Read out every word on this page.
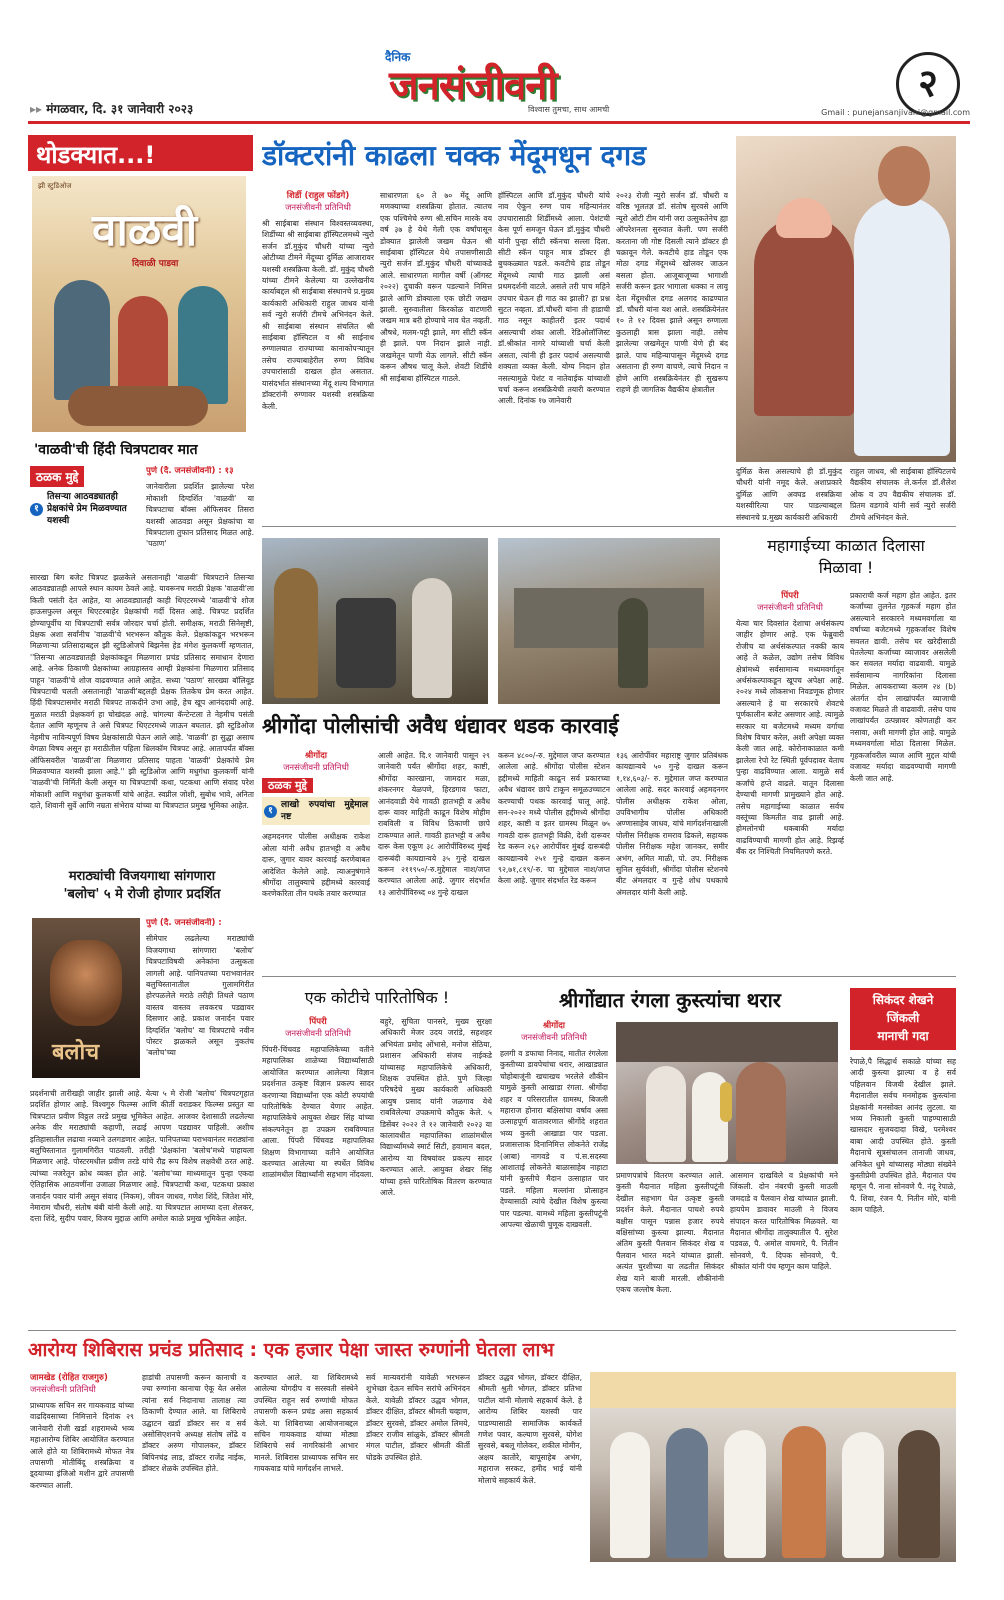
▸▸ मंगळवार, दि. ३१ जानेवारी २०२३
दैनिक
जनसंजीवनी
विश्‍वास तुमचा, साथ आमची
२
Gmail : punejansanjivani@gmail.com
थोडक्यात...!
झी स्टुडिओज
वाळवी
दिवाळी पाडवा
'वाळवी'ची हिंदी चित्रपटावर मात
ठळक मुद्दे
१
तिसऱ्या आठवड्यातही प्रेक्षकांचे प्रेम मिळवण्यात यशस्वी
पुणे (दै. जनसंजीवनी) : १३
जानेवारीला प्रदर्शित झालेल्या परेश मोकाशी दिग्दर्शित 'वाळवी' या चित्रपटाचा बॉक्स ऑफिसवर तिसरा यशस्वी आठवडा असून प्रेक्षकांचा या चित्रपटाला तुफान प्रतिसाद मिळत आहे. 'पठाण'
सारखा बिग बजेट चित्रपट झळकेले असतानाही 'वाळवी' चित्रपटाने तिसऱ्या आठवड्यातही आपले स्थान कायम ठेवले आहे. यावरूनच मराठी प्रेक्षक 'वाळवी'ला किती पसंती देत आहेत, या आठवड्यातही काही थिएटरमध्ये 'वाळवी'चे शोज हाऊसफुल्ल असून थिएटरबाहेर प्रेक्षकांची गर्दी दिसत आहे. चित्रपट प्रदर्शित होण्यापूर्वीच या चित्रपटाची सर्वत्र जोरदार चर्चा होती. समीक्षक, मराठी सिनेसृष्टी, प्रेक्षक अशा सर्वांनीच 'वाळवी'चे भरभरून कौतुक केले. प्रेक्षकांकडून भरभरून मिळणाऱ्या प्रतिसादाबद्दल झी स्टुडिओजचे बिझनेस हेड मंगेश कुलकर्णी म्हणतात, ''तिसऱ्या आठवड्यातही प्रेक्षकांकडून मिळणारा प्रचंड प्रतिसाद समाधान देणारा आहे. अनेक ठिकाणी प्रेक्षकांच्या आग्रहास्तव आम्ही प्रेक्षकांना मिळणारा प्रतिसाद पाहून 'वाळवी'चे शोज वाढवण्यात आले आहेत. सध्या 'पठाण' सारख्या बॉलिवूड चित्रपटाची चलती असतानाही 'वाळवी'बद्दलही प्रेक्षक तितकेच प्रेम करत आहेत. हिंदी चित्रपटासमोर मराठी चित्रपट ताकदीने उभा आहे, हेच खूप आनंददायी आहे. मुळात मराठी प्रेक्षकवर्ग हा चोखंदळ आहे. चांगल्या कॅन्टेन्टला ते नेहमीच पसंती देतात आणि म्हणूनच ते असे चित्रपट थिएटरमध्ये जाऊन बघतात. झी स्टुडिओज नेहमीच नाविन्यपूर्ण विषय प्रेक्षकांसाठी घेऊन आले आहे. 'वाळवी' हा सुद्धा असाच वेगळा विषय असून हा मराठीतील पहिला थ्रिलकॉम चित्रपट आहे. आतापर्यंत बॉक्स ऑफिसवरील 'वाळवी'ला मिळणारा प्रतिसाद पाहता 'वाळवी' प्रेक्षकांचे प्रेम मिळवण्यात यशस्वी झाला आहे.'' झी स्टुडिओज आणि मधुगंधा कुलकर्णी यांनी 'वाळवी'ची निर्मिती केली असून या चित्रपटाची कथा, पटकथा आणि संवाद परेश मोकाशी आणि मधुगंधा कुलकर्णी यांचे आहेत. स्वप्नील जोशी, सुबोध भावे, अनिता दाते, शिवानी सुर्वे आणि नम्रता संभेराव यांच्या या चित्रपटात प्रमुख भूमिका आहेत.
मराठ्यांची विजयगाथा सांगणारा
'बलोच' ५ मे रोजी होणार प्रदर्शित
बलोच
पुणे (दै. जनसंजीवनी) :
सीमेपार लढलेल्या मराठ्यांची विजयगाथा सांगणारा 'बलोच' चित्रपटाविषयी अनेकांना उत्सुकता लागली आहे. पानिपतच्या पराभवानंतर बलुचिस्तानातील गुलामगिरीत होरपळलेले मराठे तरीही तिथले पठाण वास्तव वास्तव लवकरच पडद्यावर दिसणार आहे. प्रकाश जनार्दन पवार दिग्दर्शित 'बलोच' या चित्रपटाचे नवीन पोस्टर झळकले असून नुकतंच 'बलोच'च्या
प्रदर्शनाची तारीखही जाहीर झाली आहे. येत्या ५ मे रोजी 'बलोच' चित्रपटगृहात प्रदर्शित होणार आहे. विश्वगुरु फिल्म्स आणि कीर्ती वराडकर फिल्म्स प्रस्तुत या चित्रपटात प्रवीण विठ्ठल तरडे प्रमुख भूमिकेत आहेत. आजवर देशासाठी लढलेल्या अनेक वीर मराठ्यांची कहाणी, लढाई आपण पडद्यावर पाहिली. अशीच इतिहासातील लढाया नव्याने उलगडणार आहेत. पानिपतच्या पराभवानंतर मराठ्यांना बलुचिस्तानात गुलामगिरीत पाठवली. तरीही 'प्रेक्षकांना 'बलोच'मध्ये पाहायला मिळणार आहे. पोस्टरमधील प्रवीण तरडे यांचे रौद्र रूप विशेष लक्षवेधी ठरत आहे. त्यांच्या नजरेतून क्रोध व्यक्त होत आहे. 'बलोच'च्या माध्यमातून पुन्हा एकदा ऐतिहासिक आठवणींना उजाळा मिळणार आहे. चित्रपटाची कथा, पटकथा प्रकाश जनार्दन पवार यांनी असून संवाद (निकम), जीवन जाधव, गणेश शिंदे, जितेश मोरे, नेमाराम चौधरी, संतोष बंबी यांनी केली आहे. या चित्रपटात आमच्या दत्ता शेलकर, दत्ता शिंदे, सुदीप पवार, विजय मुद्दाळ आणि अमोल काळे प्रमुख भूमिकेत आहेत.
डॉक्टरांनी काढला चक्क मेंदूमधून दगड
शिर्डी (राहुल फोंडगे)
जनसंजीवनी प्रतिनिधी
श्री साईबाबा संस्थान विश्वस्तव्यवस्था, शिर्डीच्या श्री साईबाबा हॉस्पिटलमध्ये न्युरो सर्जन डॉ.मुकुंद चौधरी यांच्या न्युरो ओटीच्या टीमने मेंदूच्या दुर्मिळ आजारावर यशस्वी शस्त्रक्रिया केली. डॉ. मुकुंद चौधरी यांच्या टीमने केलेल्या या उल्लेखनीय कार्याबद्दल श्री साईबाबा संस्थानचे प्र.मुख्य कार्यकारी अधिकारी राहुल जाधव यांनी सर्व न्युरो सर्जरी टीमचे अभिनंदन केले. श्री साईबाबा संस्थान संचलित श्री साईबाबा हॉस्पिटल व श्री साईनाथ रुग्णालयात राज्याच्या कानाकोपऱ्यातून तसेच राज्याबाहेरील रुग्ण विविध उपचारांसाठी दाखल होत असतात. यासंदर्भात संस्थानच्या मेंदू शल्य विभागात डॉक्टरांनी रुग्णावर यशस्वी शस्त्रक्रिया केली.
साधारणतः ६० ते ७० मेंदू आणि मणक्याच्या शस्त्रक्रिया होतात. त्यातच एक पश्चिमेचे रुग्ण श्री.सचिन मारके वय वर्ष ३७ हे येथे गेली एक वर्षांपासून डोक्यात झालेली जखम घेऊन श्री साईबाबा हॉस्पिटल येथे तपासणीसाठी न्युरो सर्जन डॉ.मुकुंद चौधरी यांच्याकडे आले. साधारणतः मागील वर्षी (ऑगस्ट २०२२) दुचाकी वरून पडल्याने निमित्त झाले आणि डोक्याला एक छोटी जखम झाली. सुरुवातीला किरकोळ वाटणारी जखम मात्र बरी होण्याचे नाव घेत नव्हती. औषधे, मलम-पट्टी झाले, मग सीटी स्कॅन ही झाले. पण निदान झाले नाही. जखमेतून पाणी येऊ लागले. सीटी स्कॅन करून औषध चालू केले. शेवटी शिर्डीचे श्री साईबाबा हॉस्पिटल गाठले.
हॉस्पिटल आणि डॉ.मुकुंद चौधरी यांचे नाव ऐकून रुग्ण पाय महिन्यानंतर उपचारासाठी शिर्डीमध्ये आला. पेशंटची केस पूर्ण समजून घेऊन डॉ.मुकुंद चौधरी यांनी पुन्हा सीटी स्कॅनचा सल्ला दिला. सीटी स्कॅन पाहून मात्र डॉक्टर ही बुचकळ्यात पडले. कवटीचे हाड तोडून मेंदूमध्ये त्याची गाठ झाली असं प्रथमदर्शनी वाटले. असले तरी पाच महिने उपचार घेऊन ही गाठ का झाली? हा प्रश्न सुटत नव्हता. डॉ.चौधरी यांना ती हाडाची गाठ नसून काहीतरी इतर पदार्थ असल्याची शंका आली. रेडिओलॉजिस्ट डॉ.श्रीकांत नागरे यांच्याशी चर्चा केली असता, त्यांनी ही इतर पदार्थ असल्याची शक्यता व्यक्त केली. योग्य निदान होत नसल्यामुळे पेशंट व नातेवाईक यांच्याशी चर्चा करून शस्त्रक्रियेची तयारी करण्यात आली. दिनांक १७ जानेवारी
२०२३ रोजी न्युरो सर्जन डॉ. चौधरी व वरिष्ठ भूलतज्ञ डॉ. संतोष सुरवसे आणि न्यूरो ओटी टीम यांनी जरा उत्सुकतेनेच ह्या ऑपरेशनला सुरुवात केली. पण सर्जरी करताना जी गोष्ट दिसली त्याने डॉक्टर ही चक्रावून गेले. कवटीचे हाड तोडून एक मोठा दगड मेंदूमध्ये खोलवर जाऊन बसला होता. आजूबाजूच्या भागाशी सर्जरी करून इतर भागाला धक्का न लावू देता मेंदूमधील दगड अलगद काढण्यात डॉ. चौधरी यांना यश आले. शस्त्रक्रियेनंतर १० ते १२ दिवस झाले असून रुग्णाला कुठलाही त्रास झाला नाही. तसेच झालेल्या जखमेतून पाणी येणे ही बंद झाले. पाच महिन्यापासून मेंदूमध्ये दगड असताना ही रुग्ण वाचणे, त्याचे निदान न होणे आणि शस्त्रक्रियेनंतर ही सुखरूप राहणे ही जागतिक वैद्यकीय क्षेत्रातील
दुर्मिळ केस असल्याचे ही डॉ.मुकुंद चौधरी यांनी नमूद केले. अशाप्रकारे दुर्मिळ आणि अवघड शस्त्रक्रिया यशस्वीरित्या पार पाडल्याबद्दल संस्थानचे प्र.मुख्य कार्यकारी अधिकारी
राहुल जाधव, श्री साईबाबा हॉस्पिटलचे वैद्यकीय संचालक ले.कर्नल डॉ.शैलेश ओक व उप वैद्यकीय संचालक डॉ. प्रितम वडगावे यांनी सर्व न्युरो सर्जरी टीमचे अभिनंदन केले.
श्रीगोंदा पोलीसांची अवैध धंद्यावर धडक कारवाई
श्रीगोंदा
जनसंजीवनी प्रतिनिधी
ठळक मुद्दे
१
लाखो रुपयांचा मुद्देमाल नष्ट
अहमदनगर पोलीस अधीक्षक राकेश ओला यांनी अवैध हातभट्टी व अवैध दारू, जुगार यावर कारवाई करणेबाबत आदेशित केलेले आहे. त्याअनुषंगाने श्रीगोंदा तालुक्याचे हद्दीमध्ये कारवाई करणेकरिता तीन पथके तयार करण्यात
आली आहेत. दि.१ जानेवारी पासून २९ जानेवारी पर्यंत श्रीगोंदा शहर, काष्टी, श्रीगोंदा कारखाना, जामदार मळा, शंकरनगर येळपणे, हिरडगाव फाटा, आनंदवाडी येथे गावठी हातभट्टी व अवैध दारू यावर माहिती काढून विशेष मोहीम राबविली व विविध ठिकाणी छापे टाकण्यात आले. गावठी हातभट्टी व अवैध दारू केस एकूण ३८ आरोपींविरुध्द मुंबई दारूबंदी कायद्यान्वये ३५ गुन्हे दाखल करून २११९५०/-रु.मुद्देमाल नाश/जप्त करण्यात आलेला आहे. जुगार संदर्भात १३ आरोपींविरुध्द ०४ गुन्हे दाखल
करून ४८००/-रु. मुद्देमाल जप्त करण्यात आलेला आहे. श्रीगोंदा पोलीस स्टेशन हद्दीमध्ये माहिती काढून सर्व प्रकारच्या अवैध धंद्यावर छापे टाकून समूळउच्चाटन करण्याची पथक कारवाई चालू आहे. सन-२०२२ मध्ये पोलीस हद्दीमध्ये श्रीगोंदा शहर, काष्टी व इतर ग्रामस्थ मिळून ७५ गावठी दारू हातभट्टी विक्री, देशी दारूवर रेड करून २६२ आरोपींवर मुंबई दारूबंदी कायद्यान्वये २५१ गुन्हे दाखल करून ९२,७१,८१९/-रु. चा मुद्देमाल नाश/जप्त केला आहे. जुगार संदर्भात रेड करून
१३६ आरोपींवर महाराष्ट्र जुगार प्रतिबंधक कायद्यान्वये ५० गुन्हे दाखल करून १,१४,६०३/- रु. मुद्देमाल जप्त करण्यात आलेला आहे. सदर कारवाई अहमदनगर पोलीस अधीक्षक राकेश ओला, उपविभागीय पोलीस अधिकारी अण्णासाहेब जाधव, यांचे मार्गदर्शनाखाली पोलीस निरीक्षक रामराव ढिकले, सहायक पोलीस निरीक्षक महेश जानकर, समीर अभंग, अमित माळी, पो. उप. निरीक्षक सुनिल सुर्यवंशी, श्रीगोंदा पोलीस स्टेशनचे बीट अंमलदार व गुन्हे शोध पथकाचे अंमलदार यांनी केली आहे.
महागाईच्या काळात दिलासा
मिळावा !
पिंपरी
जनसंजीवनी प्रतिनिधी
येत्या चार दिवसांत देशाचा अर्थसंकल्प जाहीर होणार आहे. एक फेब्रुवारी रोजीच या अर्थसंकल्पात नक्की काय आहे ते कळेल, उद्योग तसेच विविध क्षेत्रांमध्ये सर्वसामान्य मध्यमवर्गातून अर्थसंकल्पाकडून खूपच अपेक्षा आहे. २०२४ मध्ये लोकसभा निवडणूक होणार असल्याने हे या सरकारचे शेवटचे पूर्णकालीन बजेट असणार आहे. त्यामुळे सरकार या बजेटमध्ये मध्यम वर्गाचा विशेष विचार करेल, अशी अपेक्षा व्यक्त केली जात आहे. कोरोनाकाळात कमी झालेला रेपो रेट स्थिती पूर्वपदावर येताच पुन्हा वाढविण्यात आला. यामुळे सर्व कर्जांचे हप्ते वाढले. यातून दिलासा देण्याची मागणी प्रामुख्याने होत आहे. तसेच महागाईच्या काळात सर्वच वस्तूंच्या किमतीत वाढ झाली आहे. होमलोनची थकबाकी मर्यादा वाढविण्याची मागणी होत आहे. रिझर्व्ह बँक दर निश्चिती नियमितपणे करते.
प्रकाराची कर्ज महाग होत आहेत. इतर कर्जांच्या तुलनेत गृहकर्ज महाग होत असल्याने सरकारने मध्यमवर्गाला या वर्षाच्या बजेटमध्ये गृहकर्जावर विशेष सवलत द्यावी. तसेच घर खरेदीसाठी घेतलेल्या कर्जाच्या व्याजावर असलेली कर सवलत मर्यादा वाढवावी. यामुळे सर्वसामान्य नागरिकांना दिलासा मिळेल. आयकराच्या कलम २४ (b) अंतर्गत दोन लाखांपर्यंत व्याजाची वजावट मिळते ती वाढवावी. तसेच पाच लाखांपर्यंत उत्पन्नावर कोणताही कर नसावा, अशी मागणी होत आहे. यामुळे मध्यमवर्गाला मोठा दिलासा मिळेल. गृहकर्जावरील व्याज आणि मुद्दल यांची वजावट मर्यादा वाढवण्याची मागणी केली जात आहे.
एक कोटीचे पारितोषिक !
पिंपरी
जनसंजीवनी प्रतिनिधी
पिंपरी-चिंचवड महापालिकेच्या वतीने महापालिका शाळेच्या विद्यार्थ्यांसाठी आयोजित करण्यात आलेल्या विज्ञान प्रदर्शनात उत्कृष्ट विज्ञान प्रकल्प सादर करणाऱ्या विद्यार्थ्यांना एक कोटी रुपयांची पारितोषिके देण्यात येणार आहेत. महापालिकेचे आयुक्त शेखर सिंह यांच्या संकल्पनेतून हा उपक्रम राबविण्यात आला. पिंपरी चिंचवड महापालिका शिक्षण विभागाच्या वतीने आयोजित करण्यात आलेल्या या स्पर्धेत विविध शाळांमधील विद्यार्थ्यांनी सहभाग नोंदवला.
बहुरे, सुचिता पानसरे, मुख्य सुरक्षा अधिकारी मेजर उदय जरांडे, सहशहर अभियंता प्रमोद ओंभासे, मनोज सेठिया, प्रशासन अधिकारी संजय नाईकडे यांच्यासह महापालिकेचे अधिकारी, शिक्षक उपस्थित होते. पुणे जिल्हा परिषदेचे मुख्य कार्यकारी अधिकारी आयुष प्रसाद यांनी जळगाव येथे राबविलेल्या उपक्रमाचे कौतुक केले. ५ डिसेंबर २०२२ ते १२ जानेवारी २०२३ या कालावधीत महापालिका शाळांमधील विद्यार्थ्यांमध्ये स्मार्ट सिटी, हवामान बदल, आरोग्य या विषयांवर प्रकल्प सादर करण्यात आले. आयुक्त शेखर सिंह यांच्या हस्ते पारितोषिक वितरण करण्यात आले.
श्रीगोंद्यात रंगला कुस्त्यांचा थरार
श्रीगोंदा
जनसंजीवनी प्रतिनिधी
हलगी व डफाचा निनाद, मातीत रंगलेला कुस्तीच्या डावपेचांचा थरार, आखाड्यात चोहोबाजूंनी खचाखच भरलेले शौकीन यामुळे कुस्ती आखाडा रंगला. श्रीगोंदा शहर व परिसरातील ग्रामस्थ, बिजली महाराज होनारा बक्षिसांचा वर्षाव असा उत्साहपूर्ण वातावरणात श्रीगोंदे शहरात भव्य कुस्ती आखाडा पार पडला. प्रजासत्ताक दिनानिमित्त लोकनेते राजेंद्र (आबा) नागवडे व पं.स.सदस्या आशाताई लोकनेते बाळासाहेब नाहाटा यांनी कुस्तीचे मैदान उत्साहात पार पडले. महिला मल्लांना प्रोत्साहन देण्यासाठी त्यांचे देखील विशेष कुस्त्या पार पडल्या. यामध्ये महिला कुस्तीपटूंनी आपल्या खेळाची चुणूक दाखवली.
प्रमाणपत्रांचे वितरण करण्यात आले. कुस्ती मैदानात महिला कुस्तीपटूंनी देखील सहभाग घेत उत्कृष्ट कुस्ती प्रदर्शन केले. मैदानात पाचशे रुपये बक्षीस पासून पन्नास हजार रुपये बक्षिसांच्या कुस्त्या झाल्या. मैदानात अंतिम कुस्ती पैलवान सिकंदर शेख व पैलवान भारत मदने यांच्यात झाली. अत्यंत चुरशीच्या या लढतीत सिकंदर शेख याने बाजी मारली. शौकीनांनी एकच जल्लोष केला.
आसमान दाखविले व प्रेक्षकांची मने जिंकली. दोन नंबरची कुस्ती माउली जमदाडे व पैलवान शेख यांच्यात झाली. हायपेम डावावर माउली ने विजय संपादन करत पारितोषिक मिळवले. या मैदानात श्रीगोंदा तालुक्यातील पै. सुरेश पडवळ, पै. अमोल वाघमारे, पै. नितीन सोनवणे, पै. दिपक सोनवणे, पै. श्रीकांत यांनी पंच म्हणून काम पाहिले.
सिकंदर शेखने
जिंकली
मानाची गदा
रेपाळे,पै सिद्धार्थ सकाळे यांच्या सह आदी कुस्त्या झाल्या व हे सर्व पहिलवान विजयी देखील झाले. मैदानातील सर्वच मनमोहक कुस्त्यांना प्रेक्षकांनी मनसोक्त आनंद लुटला. या भव्य निकाली कुस्ती पाहण्यासाठी खासदार सुजयदादा विखे, परमेश्वर बाबा आदी उपस्थित होते. कुस्ती मैदानाचे सूत्रसंचालन तानाजी जाधव, अनिकेत धुमे यांच्यासह मोठ्या संख्येने कुस्तीप्रेमी उपस्थित होते. मैदानात पंच म्हणून पै. नाना सोनवणे पै. नंदू रेपाळे, पै. शिवा, रंजन पै. नितीन मोरे, यांनी काम पाहिले.
आरोग्य शिबिरास प्रचंड प्रतिसाद : एक हजार पेक्षा जास्त रुग्णांनी घेतला लाभ
जामखेड (रोहित राजगुरु)
जनसंजीवनी प्रतिनिधी
प्राध्यापक सचिन सर गायकवाड यांच्या वाढदिवसाच्या निमित्ताने दिनांक २९ जानेवारी रोजी खर्डा शहरामध्ये भव्य महाआरोग्य शिबिर आयोजित करण्यात आले होते या शिबिरामध्ये मोफत नेत्र तपासणी मोतीबिंदू शस्त्रक्रिया व इ्दयाच्या इंजिओ मशीन द्वारे तपासणी करण्यात आली.
हाडांची तपासणी करून कानाची व ज्या रुग्णांना कानाचा ऐकू येत असेल त्यांना सर्व निदानाचा तालाक्ष त्या ठिकाणी देण्यात आले. या शिबिराचे उद्घाटन खर्डा डॉक्टर सर व सर्व असोसिएशनचे अध्यक्ष संतोष लोंढे व डॉक्टर अरुण गोपालकर, डॉक्टर बिपिनचंद्र लाड, डॉक्टर राजेंद्र नाईक, डॉक्टर शेळके उपस्थित होते.
करण्यात आले. या शिबिरामध्ये आलेल्या योगदीप व सरस्वती संस्थेने उपस्थित राहून सर्व रुग्णांची मोफत तपासणी करून प्रचंड असा सहकार्य केले. या शिबिराच्या आयोजनाबद्दल सचिन गायकवाड यांच्या मोठ्या शिबिराचे सर्व नागरिकांनी आभार मानले. शिबिरास प्राध्यापक सचिन सर गायकवाड यांचे मार्गदर्शन लाभले.
सर्व मान्यवरांनी यावेळी भरभरून शुभेच्छा देऊन सचिन सरांचे अभिनंदन केले. यावेळी डॉक्टर उद्धव भोगल, डॉक्टर दीक्षित, डॉक्टर श्रीमती चव्हाण, डॉक्टर सुरवसे, डॉक्टर अमोल लिमये, डॉक्टर राजीव सांळुके, डॉक्टर श्रीमती मंगल पाटील, डॉक्टर श्रीमती कीर्ती घोडके उपस्थित होते.
डॉक्टर उद्धव भोगल, डॉक्टर दीक्षित, श्रीमती श्रुती भोगल, डॉक्टर प्रतिभा पाटील यांनी मोलाचे सहकार्य केले. हे आरोग्य शिबिर यशस्वी पार पाडण्यासाठी सामाजिक कार्यकर्ते गणेश पवार, कल्याण सुरवसे, योगेश सुरवसे, बबलू गोलेकर, शकील मोमीन, अक्षय कातोरे, बापूसाहेब अभंग, महाराज सरकट, हमीद भाई यांनी मोलाचे सहकार्य केले.
